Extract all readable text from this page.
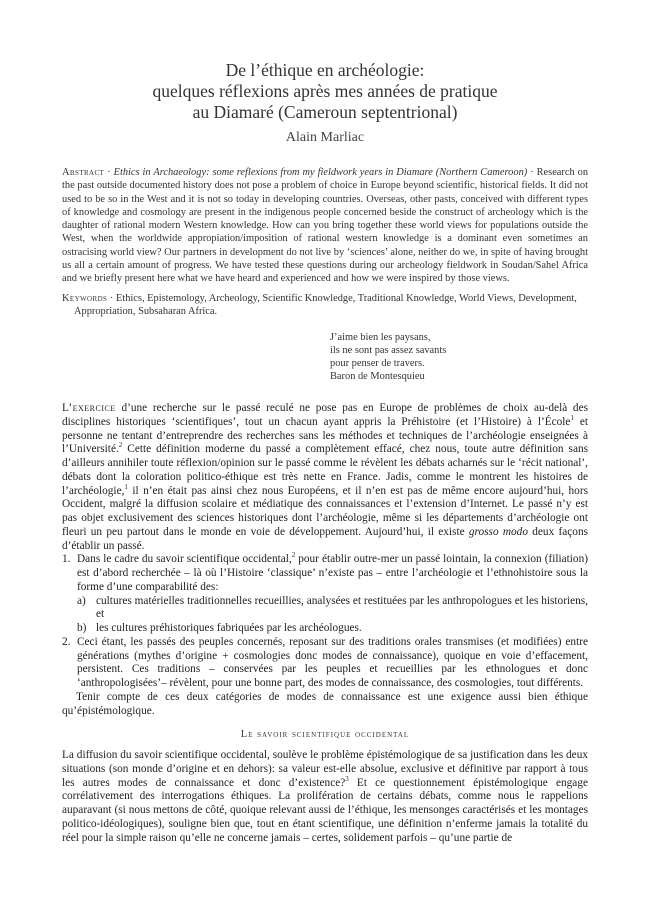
De l’éthique en archéologie:
quelques réflexions après mes années de pratique
au Diamaré (Cameroun septentrional)
Alain Marliac
Abstract · Ethics in Archaeology: some reflexions from my fieldwork years in Diamare (Northern Cameroon) · Research on the past outside documented history does not pose a problem of choice in Europe beyond scientific, historical fields. It did not used to be so in the West and it is not so today in developing countries. Overseas, other pasts, conceived with different types of knowledge and cosmology are present in the indigenous people concerned beside the construct of archeology which is the daughter of rational modern Western knowledge. How can you bring together these world views for populations outside the West, when the worldwide appropiation/imposition of rational western knowledge is a dominant even sometimes an ostracising world view? Our partners in development do not live by ‘sciences’ alone, neither do we, in spite of having brought us all a certain amount of progress. We have tested these questions during our archeology fieldwork in Soudan/Sahel Africa and we briefly present here what we have heard and experienced and how we were inspired by those views.
Keywords · Ethics, Epistemology, Archeology, Scientific Knowledge, Traditional Knowledge, World Views, Development, Appropriation, Subsaharan Africa.
J’aime bien les paysans,
ils ne sont pas assez savants
pour penser de travers.
Baron de Montesquieu

L’exercice d’une recherche sur le passé reculé ne pose pas en Europe de problèmes de choix au-delà des disciplines historiques ‘scientifiques’, tout un chacun ayant appris la Préhistoire (et l’Histoire) à l’École$^1$ et personne ne tentant d’entreprendre des recherches sans les méthodes et techniques de l’archéologie enseignées à l’Université.$^2$ Cette définition moderne du passé a complètement effacé, chez nous, toute autre définition sans d’ailleurs annihiler toute réflexion/opinion sur le passé comme le révèlent les débats acharnés sur le ‘récit national’, débats dont la coloration politico-éthique est très nette en France. Jadis, comme le montrent les histoires de l’archéologie,$^1$ il n’en était pas ainsi chez nous Européens, et il n’en est pas de même encore aujourd’hui, hors Occident, malgré la diffusion scolaire et médiatique des connaissances et l’extension d’Internet. Le passé n’y est pas objet exclusivement des sciences historiques dont l’archéologie, même si les départements d’archéologie ont fleuri un peu partout dans le monde en voie de développement. Aujourd’hui, il existe grosso modo deux façons d’établir un passé.

1. Dans le cadre du savoir scientifique occidental,$^2$ pour établir outre-mer un passé lointain, la connexion (filiation) est d’abord recherchée – là où l’Histoire ‘classique’ n’existe pas – entre l’archéologie et l’ethnohistoire sous la forme d’une comparabilité des:
a) cultures matérielles traditionnelles recueillies, analysées et restituées par les anthropologues et les historiens, et
b) les cultures préhistoriques fabriquées par les archéologues.
2. Ceci étant, les passés des peuples concernés, reposant sur des traditions orales transmises (et modifiées) entre générations (mythes d’origine + cosmologies donc modes de connaissance), quoique en voie d’effacement, persistent. Ces traditions – conservées par les peuples et recueillies par les ethnologues et donc ‘anthropologisées’– révèlent, pour une bonne part, des modes de connaissance, des cosmologies, tout différents.

Tenir compte de ces deux catégories de modes de connaissance est une exigence aussi bien éthique qu’épistémologique.

Le savoir scientifique occidental

La diffusion du savoir scientifique occidental, soulève le problème épistémologique de sa justification dans les deux situations (son monde d’origine et en dehors): sa valeur est-elle absolue, exclusive et définitive par rapport à tous les autres modes de connaissance et donc d’existence?$^3$ Et ce questionnement épistémologique engage corrélativement des interrogations éthiques. La prolifération de certains débats, comme nous le rappelions auparavant (si nous mettons de côté, quoique relevant aussi de l’éthique, les mensonges caractérisés et les montages politico-idéologiques), souligne bien que, tout en étant scientifique, une définition n’enferme jamais la totalité du réel pour la simple raison qu’elle ne concerne jamais – certes, solidement parfois – qu’une partie de
